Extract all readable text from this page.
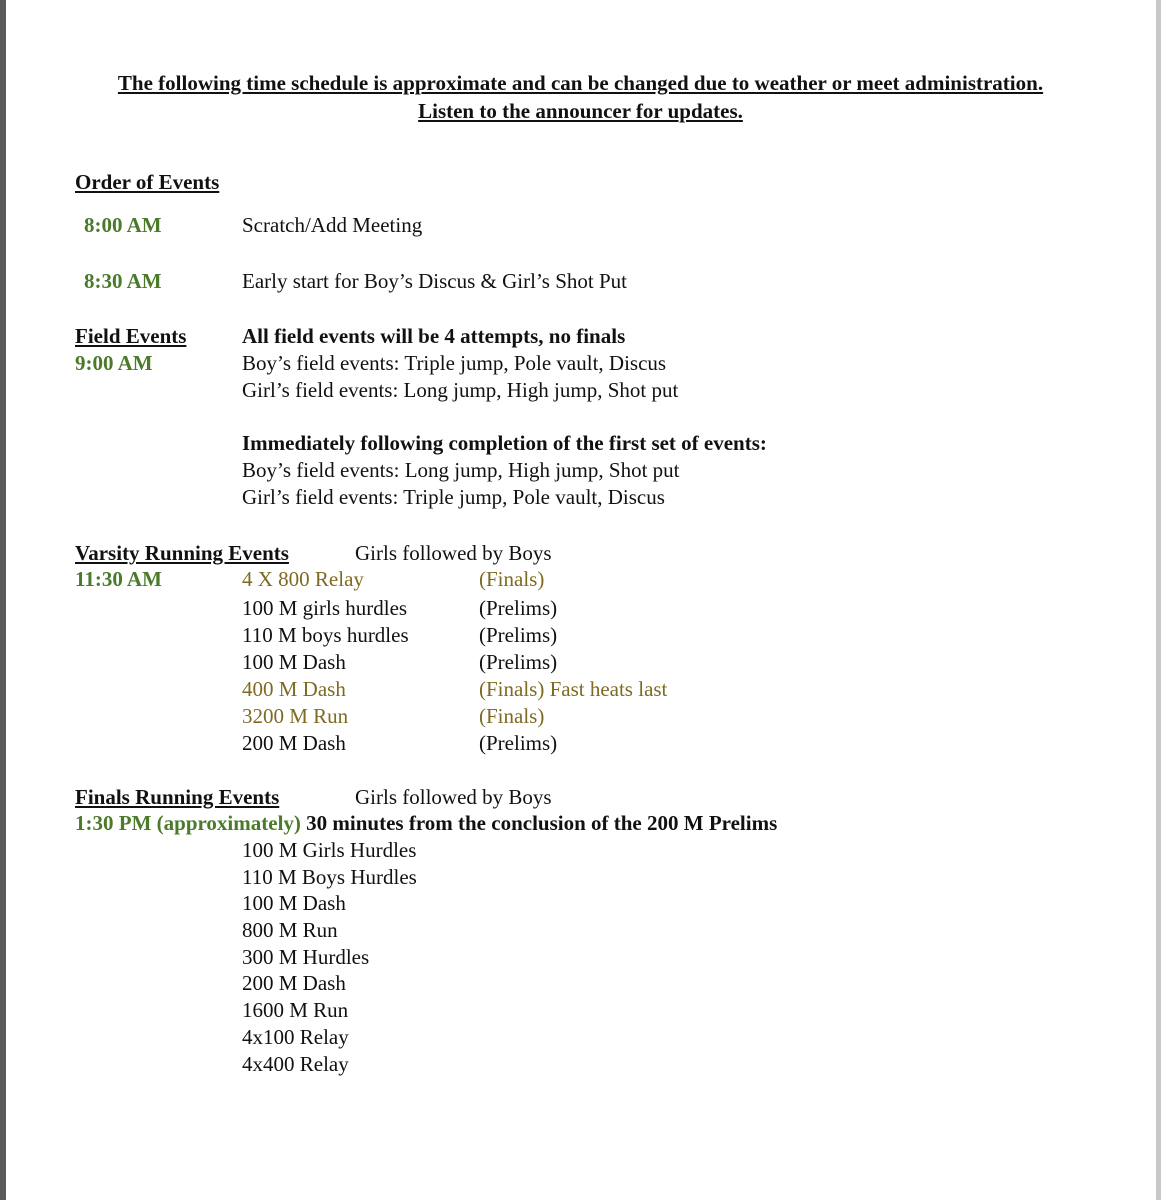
The following time schedule is approximate and can be changed due to weather or meet administration.
Listen to the announcer for updates.
Order of Events
8:00 AM	Scratch/Add Meeting
8:30 AM	Early start for Boy’s Discus & Girl’s Shot Put
Field Events
9:00 AM
All field events will be 4 attempts, no finals
Boy’s field events: Triple jump, Pole vault, Discus
Girl’s field events: Long jump, High jump, Shot put
Immediately following completion of the first set of events:
Boy’s field events: Long jump, High jump, Shot put
Girl’s field events: Triple jump, Pole vault, Discus
Varsity Running Events	Girls followed by Boys
11:30 AM	4 X 800 Relay	(Finals)
100 M girls hurdles	(Prelims)
110 M boys hurdles	(Prelims)
100 M Dash	(Prelims)
400 M Dash	(Finals) Fast heats last
3200 M Run	(Finals)
200 M Dash	(Prelims)
Finals Running Events	Girls followed by Boys
1:30 PM (approximately) 30 minutes from the conclusion of the 200 M Prelims
100 M Girls Hurdles
110 M Boys Hurdles
100 M Dash
800 M Run
300 M Hurdles
200 M Dash
1600 M Run
4x100 Relay
4x400 Relay
